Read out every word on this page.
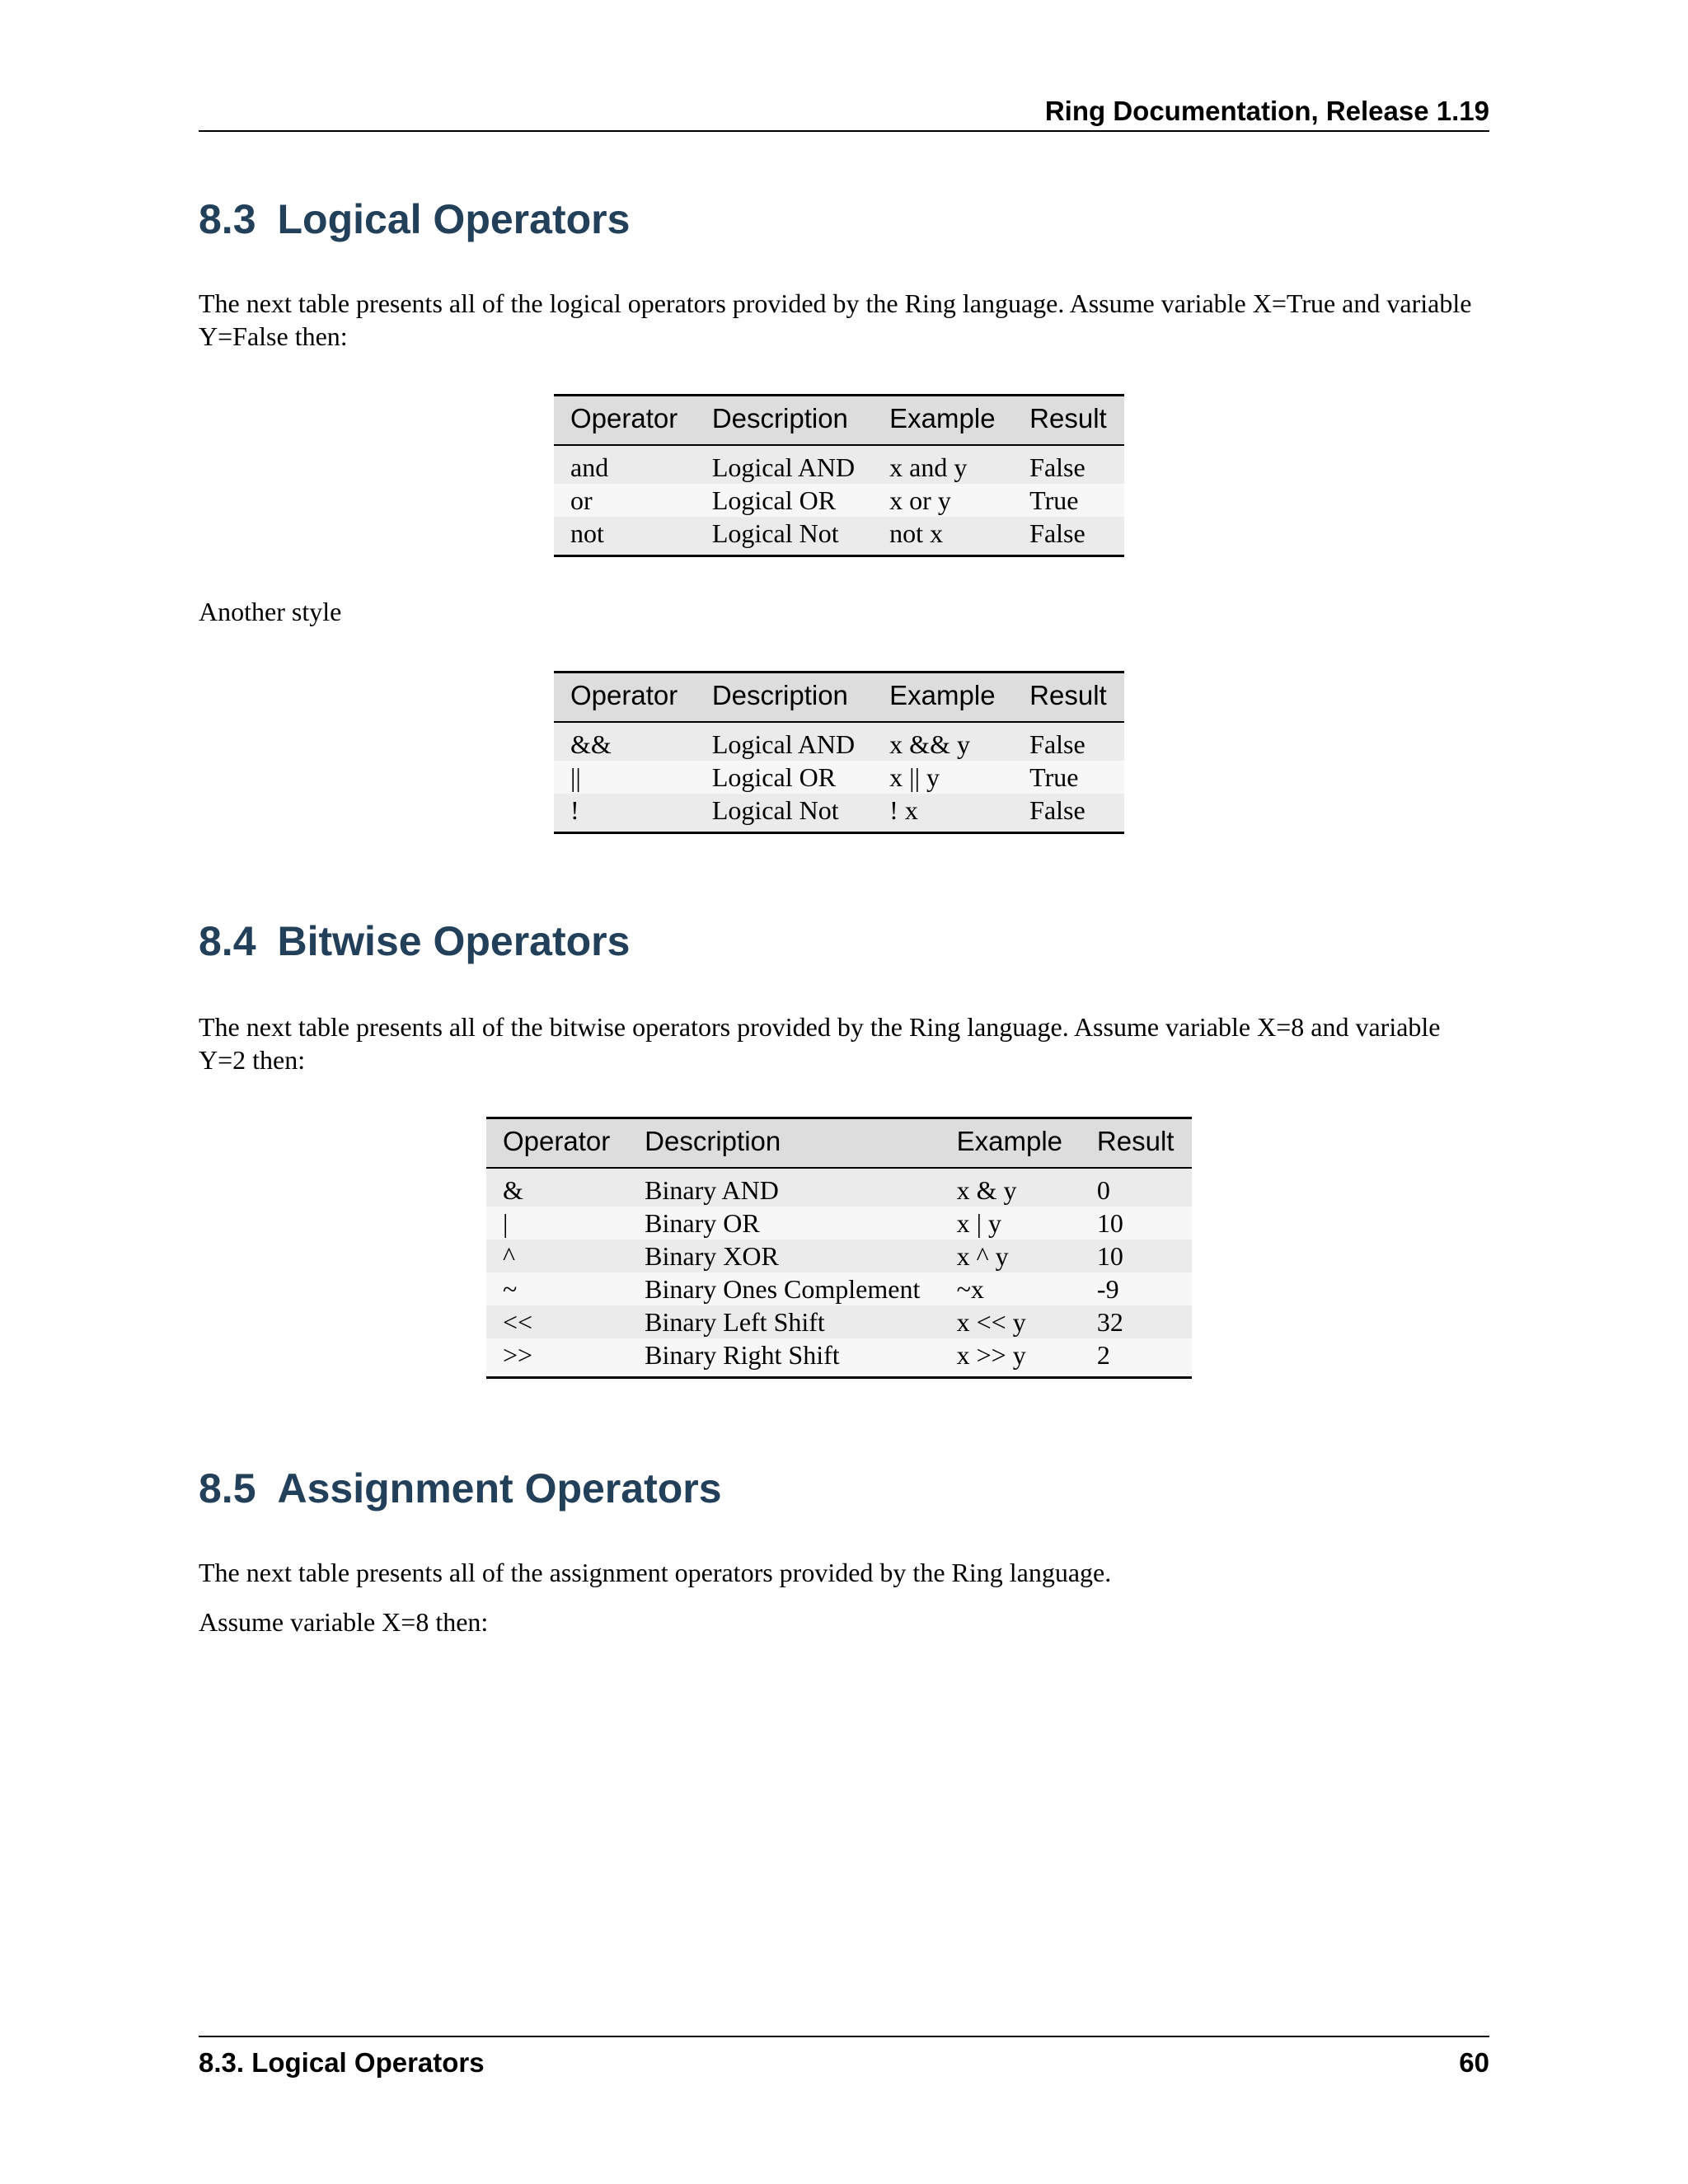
Ring Documentation, Release 1.19
8.3 Logical Operators

The next table presents all of the logical operators provided by the Ring language. Assume variable X=True and variable Y=False then:

Operator	Description	Example	Result
and	Logical AND	x and y	False
or	Logical OR	x or y	True
not	Logical Not	not x	False

Another style

Operator	Description	Example	Result
&&	Logical AND	x && y	False
||	Logical OR	x || y	True
!	Logical Not	! x	False
8.4 Bitwise Operators

The next table presents all of the bitwise operators provided by the Ring language. Assume variable X=8 and variable Y=2 then:

Operator	Description	Example	Result
&	Binary AND	x & y	0
|	Binary OR	x | y	10
^	Binary XOR	x ^ y	10
~	Binary Ones Complement	~x	-9
<<	Binary Left Shift	x << y	32
>>	Binary Right Shift	x >> y	2
8.5 Assignment Operators

The next table presents all of the assignment operators provided by the Ring language.

Assume variable X=8 then:

8.3. Logical Operators	60
